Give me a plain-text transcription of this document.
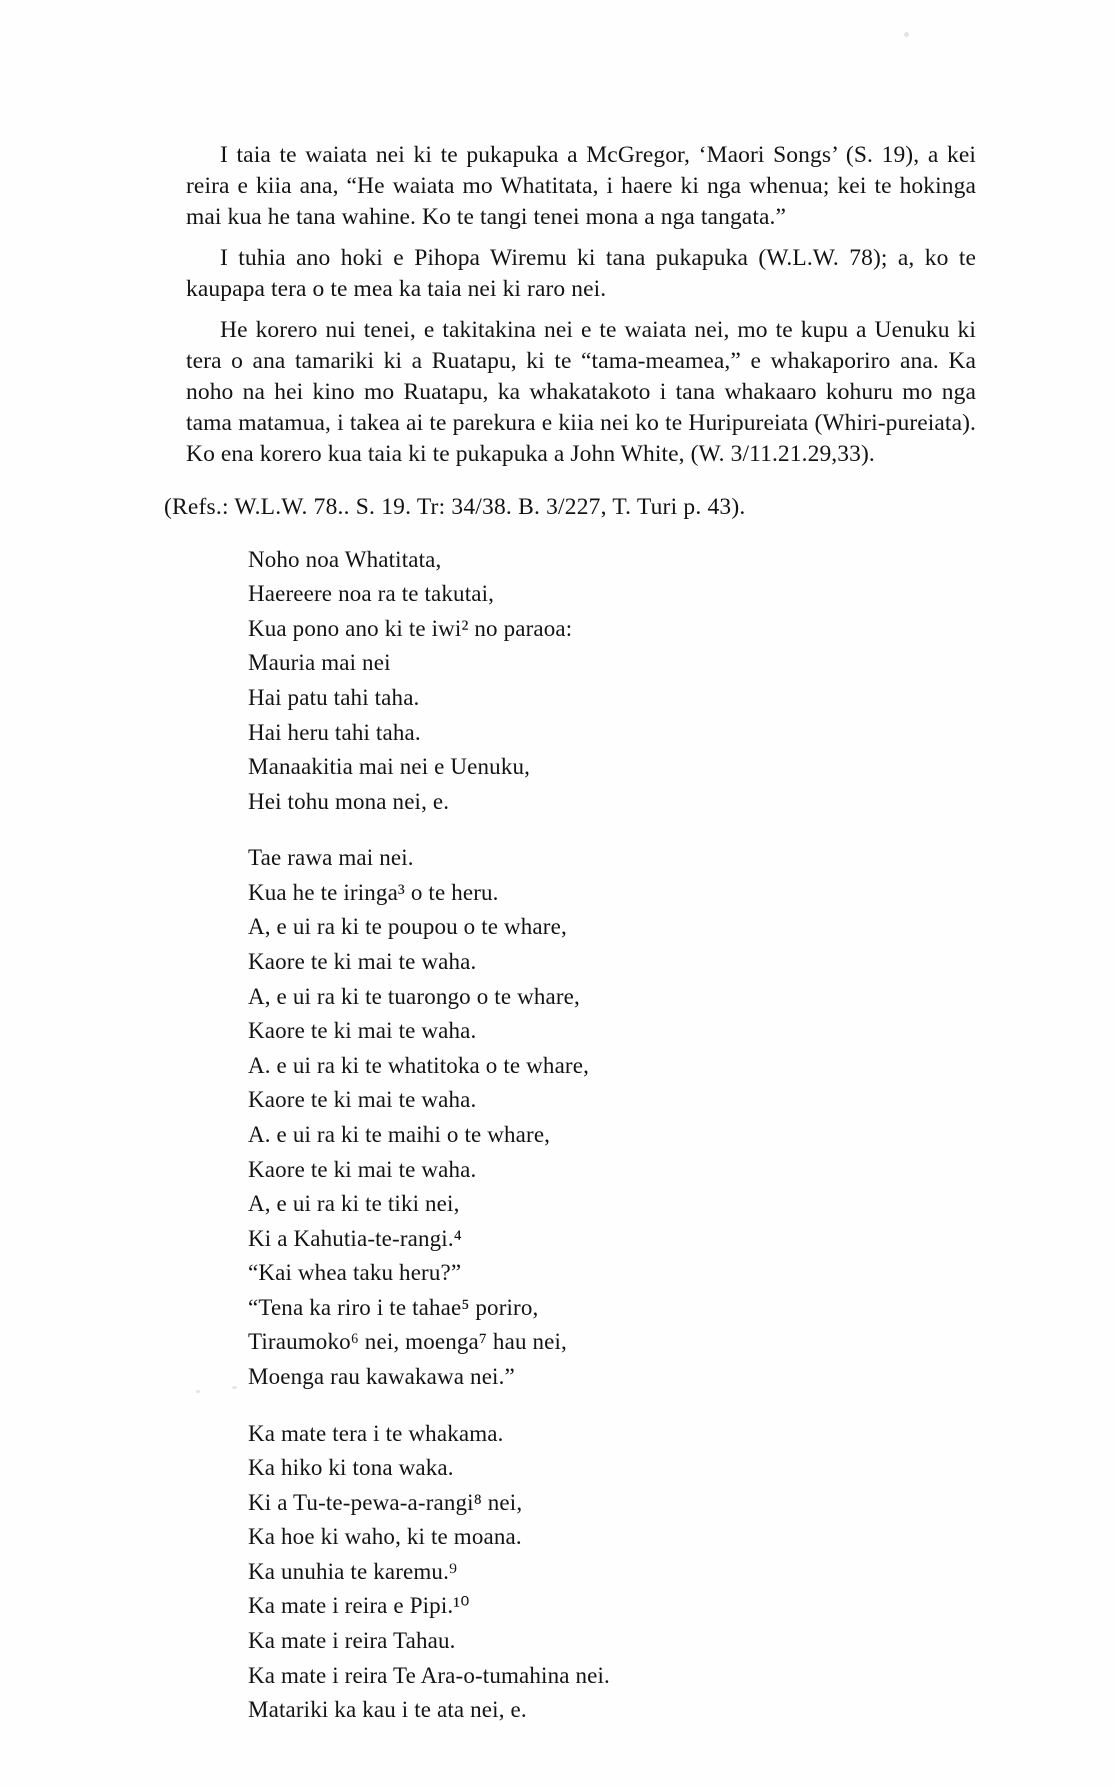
I taia te waiata nei ki te pukapuka a McGregor, ‘Maori Songs’ (S. 19), a kei reira e kiia ana, “He waiata mo Whatitata, i haere ki nga whenua; kei te hokinga mai kua he tana wahine. Ko te tangi tenei mona a nga tangata.”

I tuhia ano hoki e Pihopa Wiremu ki tana pukapuka (W.L.W. 78); a, ko te kaupapa tera o te mea ka taia nei ki raro nei.

He korero nui tenei, e takitakina nei e te waiata nei, mo te kupu a Uenuku ki tera o ana tamariki ki a Ruatapu, ki te “tama-meamea,” e whakaporiro ana. Ka noho na hei kino mo Ruatapu, ka whakatakoto i tana whakaaro kohuru mo nga tama matamua, i takea ai te parekura e kiia nei ko te Huripureiata (Whiri-pureiata). Ko ena korero kua taia ki te pukapuka a John White, (W. 3/11.21.29,33).

(Refs.: W.L.W. 78.. S. 19. Tr: 34/38. B. 3/227, T. Turi p. 43).

Noho noa Whatitata,

Haereere noa ra te takutai,

Kua pono ano ki te iwi² no paraoa:

Mauria mai nei

Hai patu tahi taha.

Hai heru tahi taha.

Manaakitia mai nei e Uenuku,

Hei tohu mona nei, e.

Tae rawa mai nei.

Kua he te iringa³ o te heru.

A, e ui ra ki te poupou o te whare,

Kaore te ki mai te waha.

A, e ui ra ki te tuarongo o te whare,

Kaore te ki mai te waha.

A. e ui ra ki te whatitoka o te whare,

Kaore te ki mai te waha.

A. e ui ra ki te maihi o te whare,

Kaore te ki mai te waha.

A, e ui ra ki te tiki nei,

Ki a Kahutia-te-rangi.⁴

“Kai whea taku heru?”

“Tena ka riro i te tahae⁵ poriro,

Tiraumoko⁶ nei, moenga⁷ hau nei,

Moenga rau kawakawa nei.”

Ka mate tera i te whakama.

Ka hiko ki tona waka.

Ki a Tu-te-pewa-a-rangi⁸ nei,

Ka hoe ki waho, ki te moana.

Ka unuhia te karemu.⁹

Ka mate i reira e Pipi.¹⁰

Ka mate i reira Tahau.

Ka mate i reira Te Ara-o-tumahina nei.

Matariki ka kau i te ata nei, e.
